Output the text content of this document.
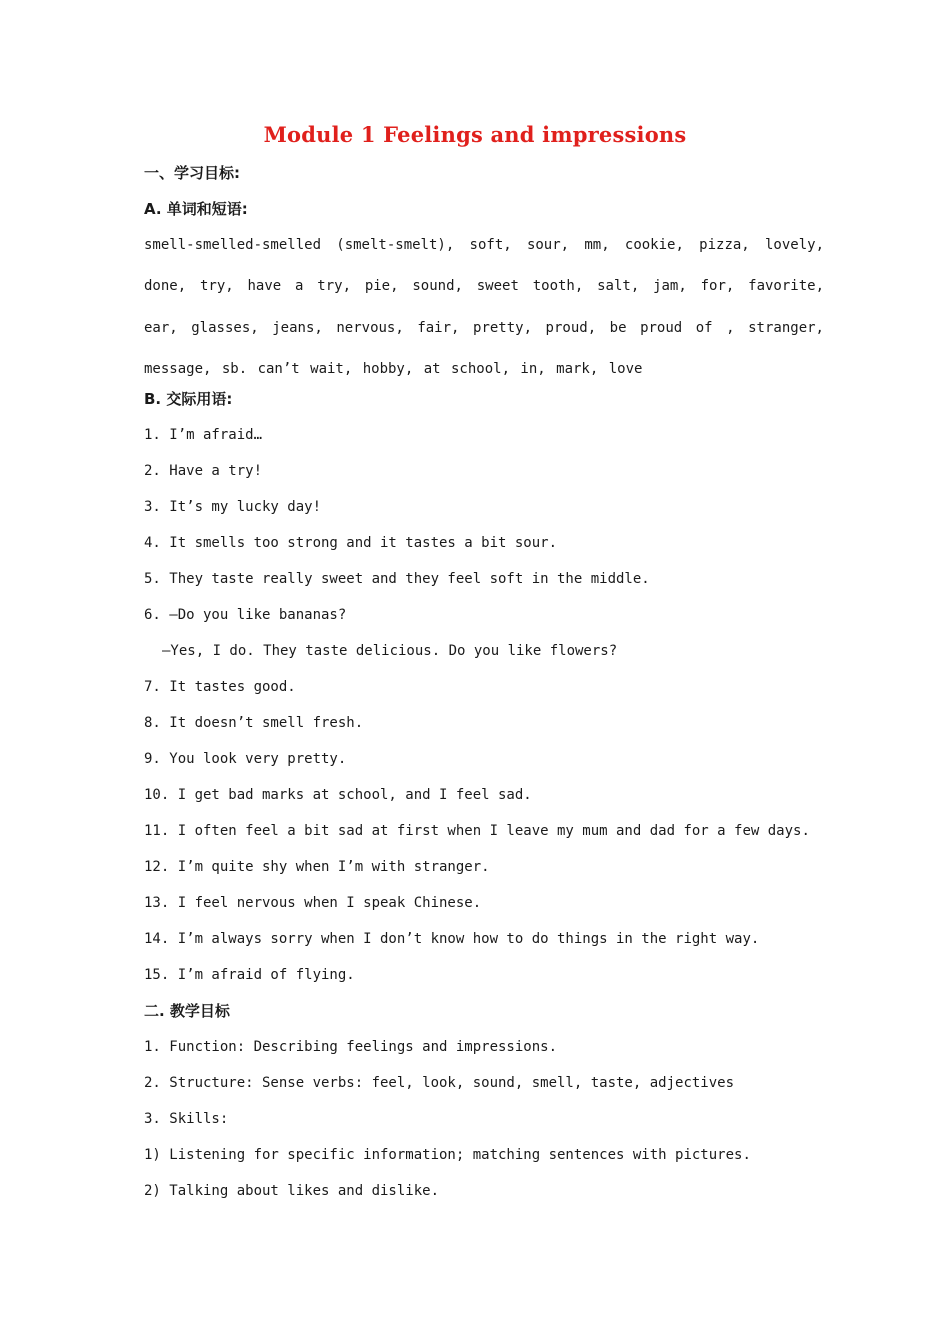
Module 1 Feelings and impressions
一、学习目标:
A. 单词和短语:
smell-smelled-smelled (smelt-smelt), soft, sour, mm, cookie, pizza, lovely, done, try, have a try, pie, sound, sweet tooth, salt, jam, for, favorite, ear, glasses, jeans, nervous, fair, pretty, proud, be proud of , stranger, message, sb. can’t wait, hobby, at school, in, mark, love
B. 交际用语:
1. I’m afraid…
2. Have a try!
3. It’s my lucky day!
4. It smells too strong and it tastes a bit sour.
5. They taste really sweet and they feel soft in the middle.
6. —Do you like bananas?
—Yes, I do. They taste delicious. Do you like flowers?
7. It tastes good.
8. It doesn’t smell fresh.
9. You look very pretty.
10. I get bad marks at school, and I feel sad.
11. I often feel a bit sad at first when I leave my mum and dad for a few days.
12. I’m quite shy when I’m with stranger.
13. I feel nervous when I speak Chinese.
14. I’m always sorry when I don’t know how to do things in the right way.
15. I’m afraid of flying.
二. 教学目标
1. Function: Describing feelings and impressions.
2. Structure: Sense verbs: feel, look, sound, smell, taste, adjectives
3. Skills:
1) Listening for specific information; matching sentences with pictures.
2) Talking about likes and dislike.
